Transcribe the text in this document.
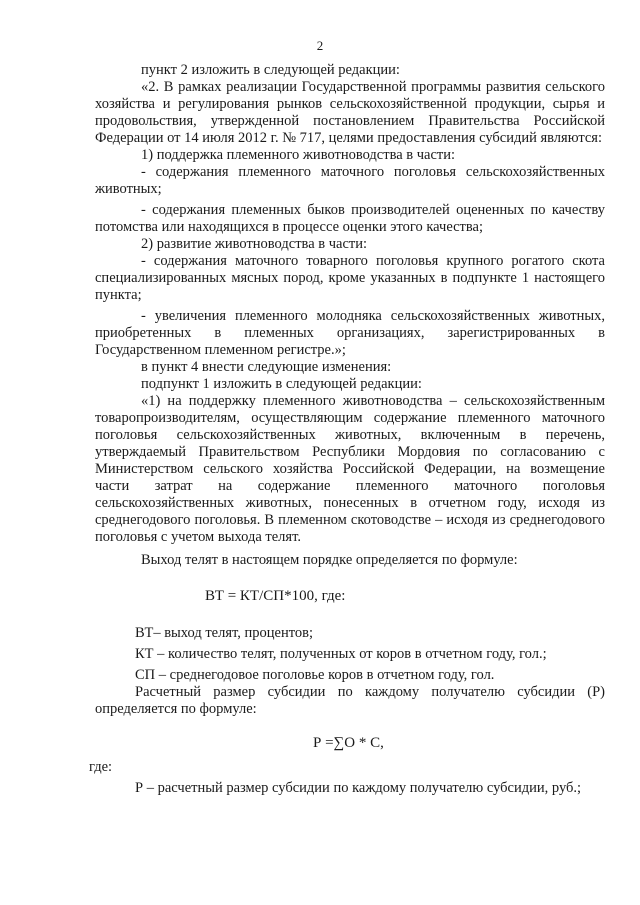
2

пункт 2 изложить в следующей редакции:

«2. В рамках реализации Государственной программы развития сельского хозяйства и регулирования рынков сельскохозяйственной продукции, сырья и продовольствия, утвержденной постановлением Правительства Российской Федерации от 14 июля 2012 г. № 717, целями предоставления субсидий являются:

1) поддержка племенного животноводства в части:

- содержания племенного маточного поголовья сельскохозяйственных животных;

- содержания племенных быков производителей оцененных по качеству потомства или находящихся в процессе оценки этого качества;

2) развитие животноводства в части:

- содержания маточного товарного поголовья крупного рогатого скота специализированных мясных пород, кроме указанных в подпункте 1 настоящего пункта;

- увеличения племенного молодняка сельскохозяйственных животных, приобретенных в племенных организациях, зарегистрированных в Государственном племенном регистре.»;

в пункт 4 внести следующие изменения:

подпункт 1 изложить в следующей редакции:

«1) на поддержку племенного животноводства – сельскохозяйственным товаропроизводителям, осуществляющим содержание племенного маточного поголовья сельскохозяйственных животных, включенным в перечень, утверждаемый Правительством Республики Мордовия по согласованию с Министерством сельского хозяйства Российской Федерации, на возмещение части затрат на содержание племенного маточного поголовья сельскохозяйственных животных, понесенных в отчетном году, исходя из среднегодового поголовья. В племенном скотоводстве – исходя из среднегодового поголовья с учетом выхода телят.

Выход телят в настоящем порядке определяется по формуле:

ВТ = КТ/СП*100, где:

ВТ– выход телят, процентов;

КТ – количество телят, полученных от коров в отчетном году, гол.;

СП – среднегодовое поголовье коров в отчетном году, гол.

Расчетный размер субсидии по каждому получателю субсидии (Р) определяется по формуле:

Р =∑О * С,

где:

Р – расчетный размер субсидии по каждому получателю субсидии, руб.;
